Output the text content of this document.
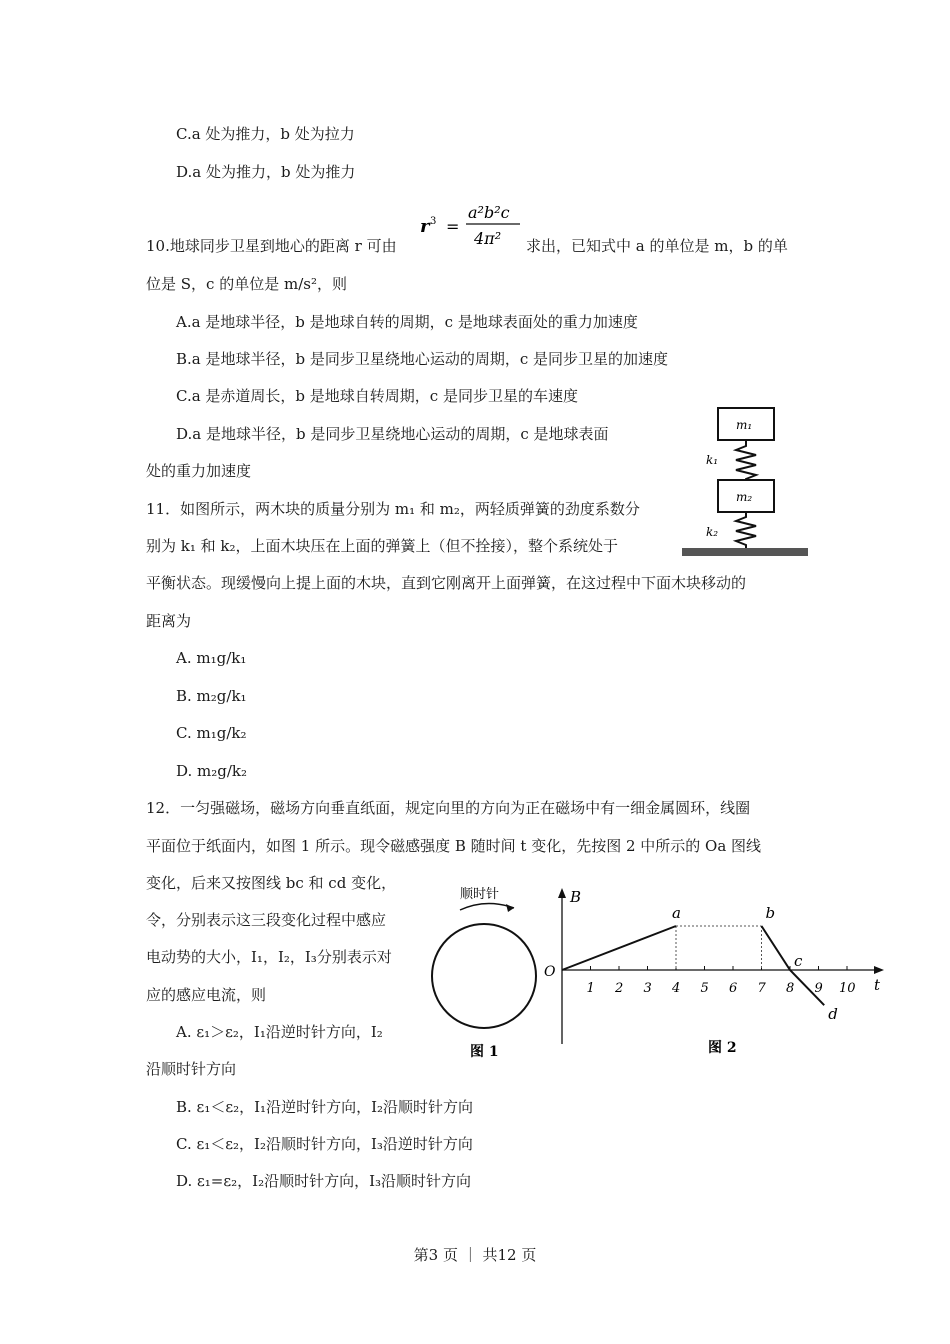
C.a 处为推力，b 处为拉力
D.a 处为推力，b 处为推力
10.地球同步卫星到地心的距离 r 可由
r 3 =
a²b²c
4π² 求出，已知式中 a 的单位是 m，b 的单
位是 S，c 的单位是 m/s²，则
A.a 是地球半径，b 是地球自转的周期，c 是地球表面处的重力加速度
B.a 是地球半径，b 是同步卫星绕地心运动的周期，c 是同步卫星的加速度
C.a 是赤道周长，b 是地球自转周期，c 是同步卫星的车速度
D.a 是地球半径，b 是同步卫星绕地心运动的周期，c 是地球表面
处的重力加速度
m₁
k₁
m₂
k₂
11．如图所示，两木块的质量分别为 m₁ 和 m₂，两轻质弹簧的劲度系数分
别为 k₁ 和 k₂，上面木块压在上面的弹簧上（但不拴接），整个系统处于
平衡状态。现缓慢向上提上面的木块，直到它刚离开上面弹簧，在这过程中下面木块移动的
距离为
A. m₁g/k₁
B. m₂g/k₁
C. m₁g/k₂
D. m₂g/k₂
12．一匀强磁场，磁场方向垂直纸面，规定向里的方向为正在磁场中有一细金属圆环，线圈
平面位于纸面内，如图 1 所示。现令磁感强度 B 随时间 t 变化，先按图 2 中所示的 Oa 图线
变化，后来又按图线 bc 和 cd 变化，
令，分别表示这三段变化过程中感应
电动势的大小，I₁，I₂，I₃分别表示对
应的感应电流，则
A. ε₁＞ε₂，I₁沿逆时针方向，I₂
沿顺时针方向
B. ε₁＜ε₂，I₁沿逆时针方向，I₂沿顺时针方向
C. ε₁＜ε₂，I₂沿顺时针方向，I₃沿逆时针方向
D. ε₁=ε₂，I₂沿顺时针方向，I₃沿顺时针方向
顺时针
图 1
B
t
O
1 2 3 4 5 6 7 8 9 10
a	b
c
d
图 2
第3 页 ｜ 共12 页
